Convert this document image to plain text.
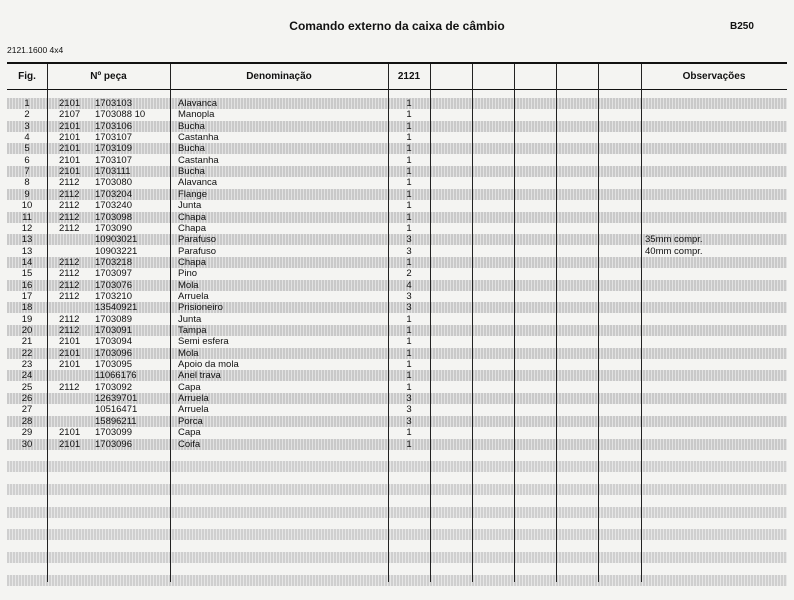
Comando externo da caixa de câmbio	B250
2121.1600 4x4
Fig.	Nº peça	Denominação	2121	Observações
1	2101	1703103	Alavanca	1
2	2107	1703088 10	Manopla	1
3	2101	1703106	Bucha	1
4	2101	1703107	Castanha	1
5	2101	1703109	Bucha	1
6	2101	1703107	Castanha	1
7	2101	1703111	Bucha	1
8	2112	1703080	Alavanca	1
9	2112	1703204	Flange	1
10	2112	1703240	Junta	1
11	2112	1703098	Chapa	1
12	2112	1703090	Chapa	1
13	10903021	Parafuso	3	35mm compr.
13	10903221	Parafuso	3	40mm compr.
14	2112	1703218	Chapa	1
15	2112	1703097	Pino	2
16	2112	1703076	Mola	4
17	2112	1703210	Arruela	3
18	13540921	Prisioneiro	3
19	2112	1703089	Junta	1
20	2112	1703091	Tampa	1
21	2101	1703094	Semi esfera	1
22	2101	1703096	Mola	1
23	2101	1703095	Apoio da mola	1
24	11066176	Anel trava	1
25	2112	1703092	Capa	1
26	12639701	Arruela	3
27	10516471	Arruela	3
28	15896211	Porca	3
29	2101	1703099	Capa	1
30	2101	1703096	Coifa	1
